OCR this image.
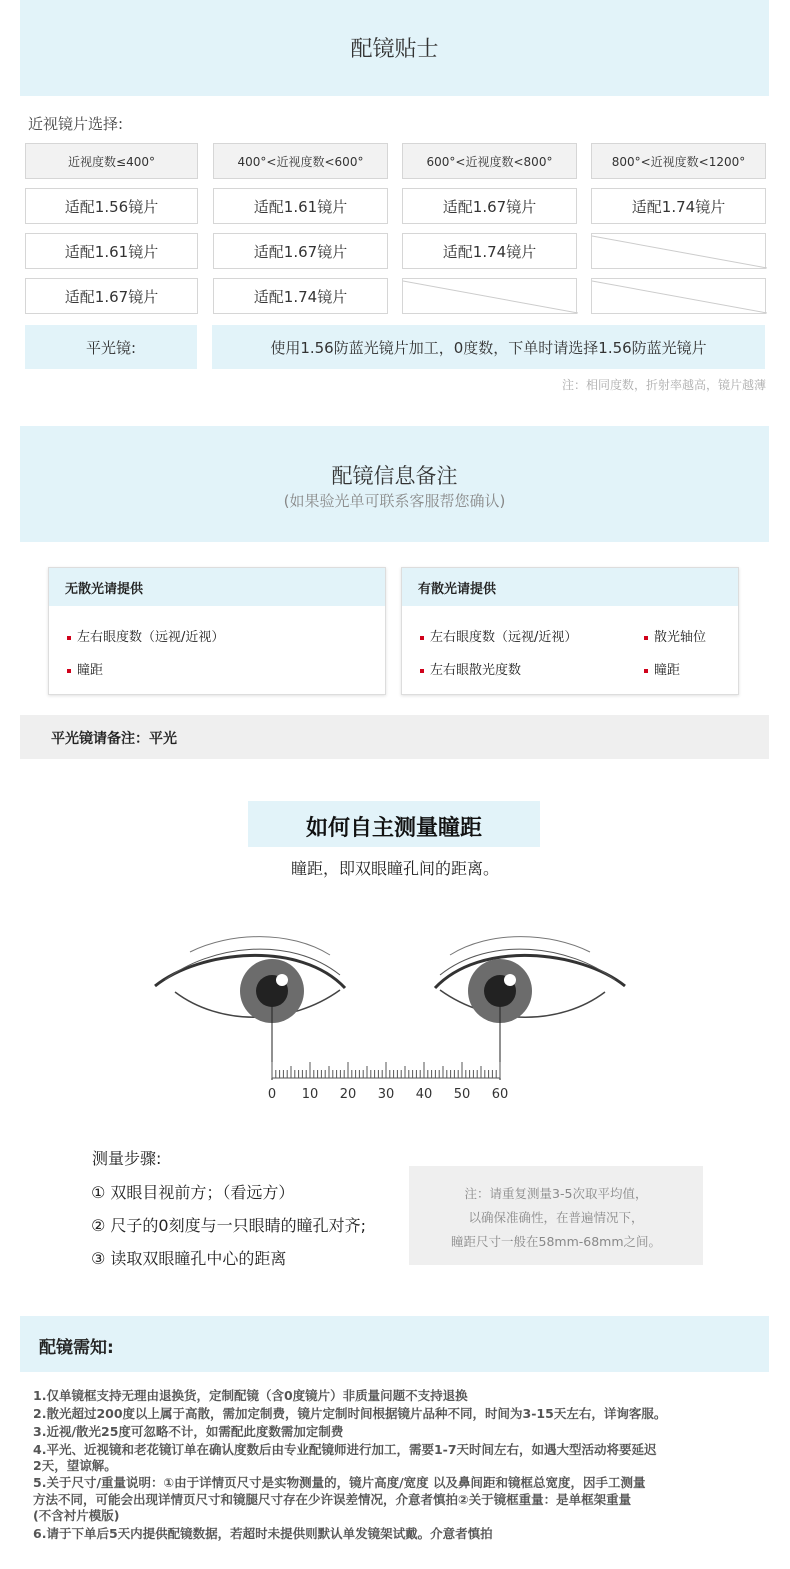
配镜贴士
近视镜片选择:
近视度数≤400°	400°<近视度数<600°	600°<近视度数<800°	800°<近视度数<1200°
适配1.56镜片	适配1.61镜片	适配1.67镜片	适配1.74镜片
适配1.61镜片	适配1.67镜片	适配1.74镜片
适配1.67镜片	适配1.74镜片
平光镜:	使用1.56防蓝光镜片加工，0度数，下单时请选择1.56防蓝光镜片
注：相同度数，折射率越高，镜片越薄
配镜信息备注
(如果验光单可联系客服帮您确认)
无散光请提供
左右眼度数（远视/近视）
瞳距
有散光请提供
左右眼度数（远视/近视）
左右眼散光度数
散光轴位
瞳距
平光镜请备注：平光
如何自主测量瞳距
瞳距，即双眼瞳孔间的距离。
0 10 20 30 40 50 60
测量步骤:
① 双眼目视前方；（看远方）
② 尺子的0刻度与一只眼睛的瞳孔对齐;
③ 读取双眼瞳孔中心的距离
注：请重复测量3-5次取平均值，
以确保准确性，在普遍情况下，
瞳距尺寸一般在58mm-68mm之间。
配镜需知:
1.仅单镜框支持无理由退换货，定制配镜（含0度镜片）非质量问题不支持退换
2.散光超过200度以上属于高散，需加定制费，镜片定制时间根据镜片品种不同，时间为3-15天左右，详询客服。
3.近视/散光25度可忽略不计，如需配此度数需加定制费
4.平光、近视镜和老花镜订单在确认度数后由专业配镜师进行加工，需要1-7天时间左右，如遇大型活动将要延迟
2天，望谅解。
5.关于尺寸/重量说明：①由于详情页尺寸是实物测量的，镜片高度/宽度 以及鼻间距和镜框总宽度，因手工测量
方法不同，可能会出现详情页尺寸和镜腿尺寸存在少许误差情况，介意者慎拍②关于镜框重量：是单框架重量
(不含衬片模版)
6.请于下单后5天内提供配镜数据，若超时未提供则默认单发镜架试戴。介意者慎拍
